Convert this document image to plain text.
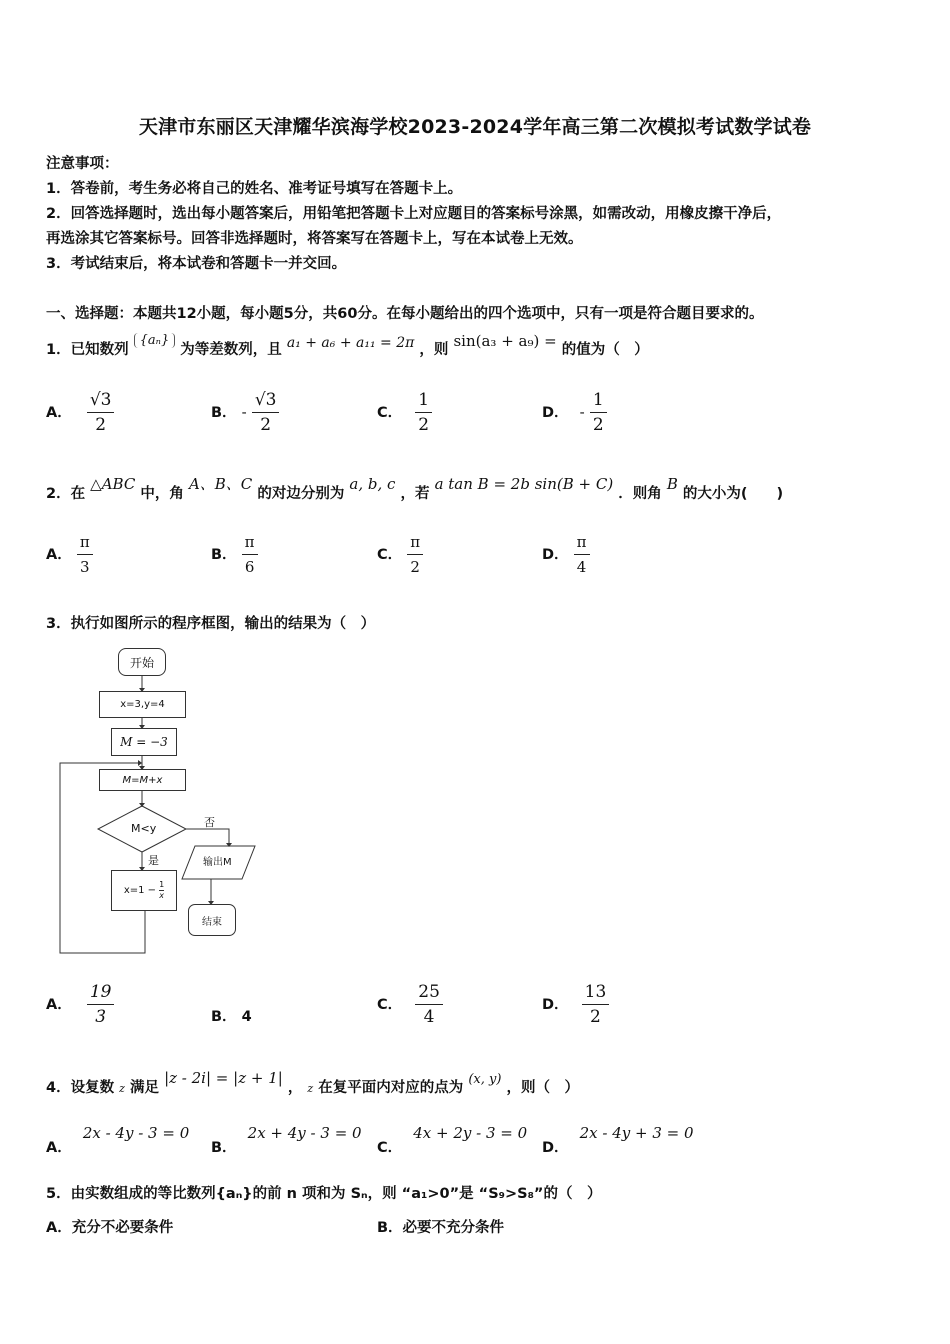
天津市东丽区天津耀华滨海学校2023-2024学年高三第二次模拟考试数学试卷
注意事项：
1．答卷前，考生务必将自己的姓名、准考证号填写在答题卡上。
2．回答选择题时，选出每小题答案后，用铅笔把答题卡上对应题目的答案标号涂黑，如需改动，用橡皮擦干净后，
再选涂其它答案标号。回答非选择题时，将答案写在答题卡上，写在本试卷上无效。
3．考试结束后，将本试卷和答题卡一并交回。
一、选择题：本题共12小题，每小题5分，共60分。在每小题给出的四个选项中，只有一项是符合题目要求的。
1．已知数列 {aₙ} 为等差数列，且 a₁ + a₆ + a₁₁ = 2π ，则 sin(a₃ + a₉) = 的值为（　）
A． $\frac{√3}{2}$	B． - $\frac{√3}{2}$	C． $\frac{1}{2}$	D． - $\frac{1}{2}$
2．在 △ABC 中，角 A、B、C 的对边分别为 a, b, c ，若 a tan B = 2b sin(B + C) ．则角 B 的大小为(　　)
A． $\frac{\pi}{3}$	B． $\frac{\pi}{6}$	C． $\frac{\pi}{2}$	D． $\frac{\pi}{4}$
3．执行如图所示的程序框图，输出的结果为（　）
开始
x=3,y=4
M = −3
M=M+x
M<y	否
是
$x=1 - \frac{1}{x}$
输出M
结束
A． $\frac{19}{3}$	B． 4
C． $\frac{25}{4}$	D． $\frac{13}{2}$
4．设复数 z 满足 |z - 2i| = |z + 1| ， z 在复平面内对应的点为 (x, y) ，则（　）
A． 2x - 4y - 3 = 0
B． 2x + 4y - 3 = 0
C． 4x + 2y - 3 = 0
D． 2x - 4y + 3 = 0
5．由实数组成的等比数列{aₙ}的前 n 项和为 Sₙ，则 “a₁>0”是 “S₉>S₈”的（　）
A．充分不必要条件	B．必要不充分条件
